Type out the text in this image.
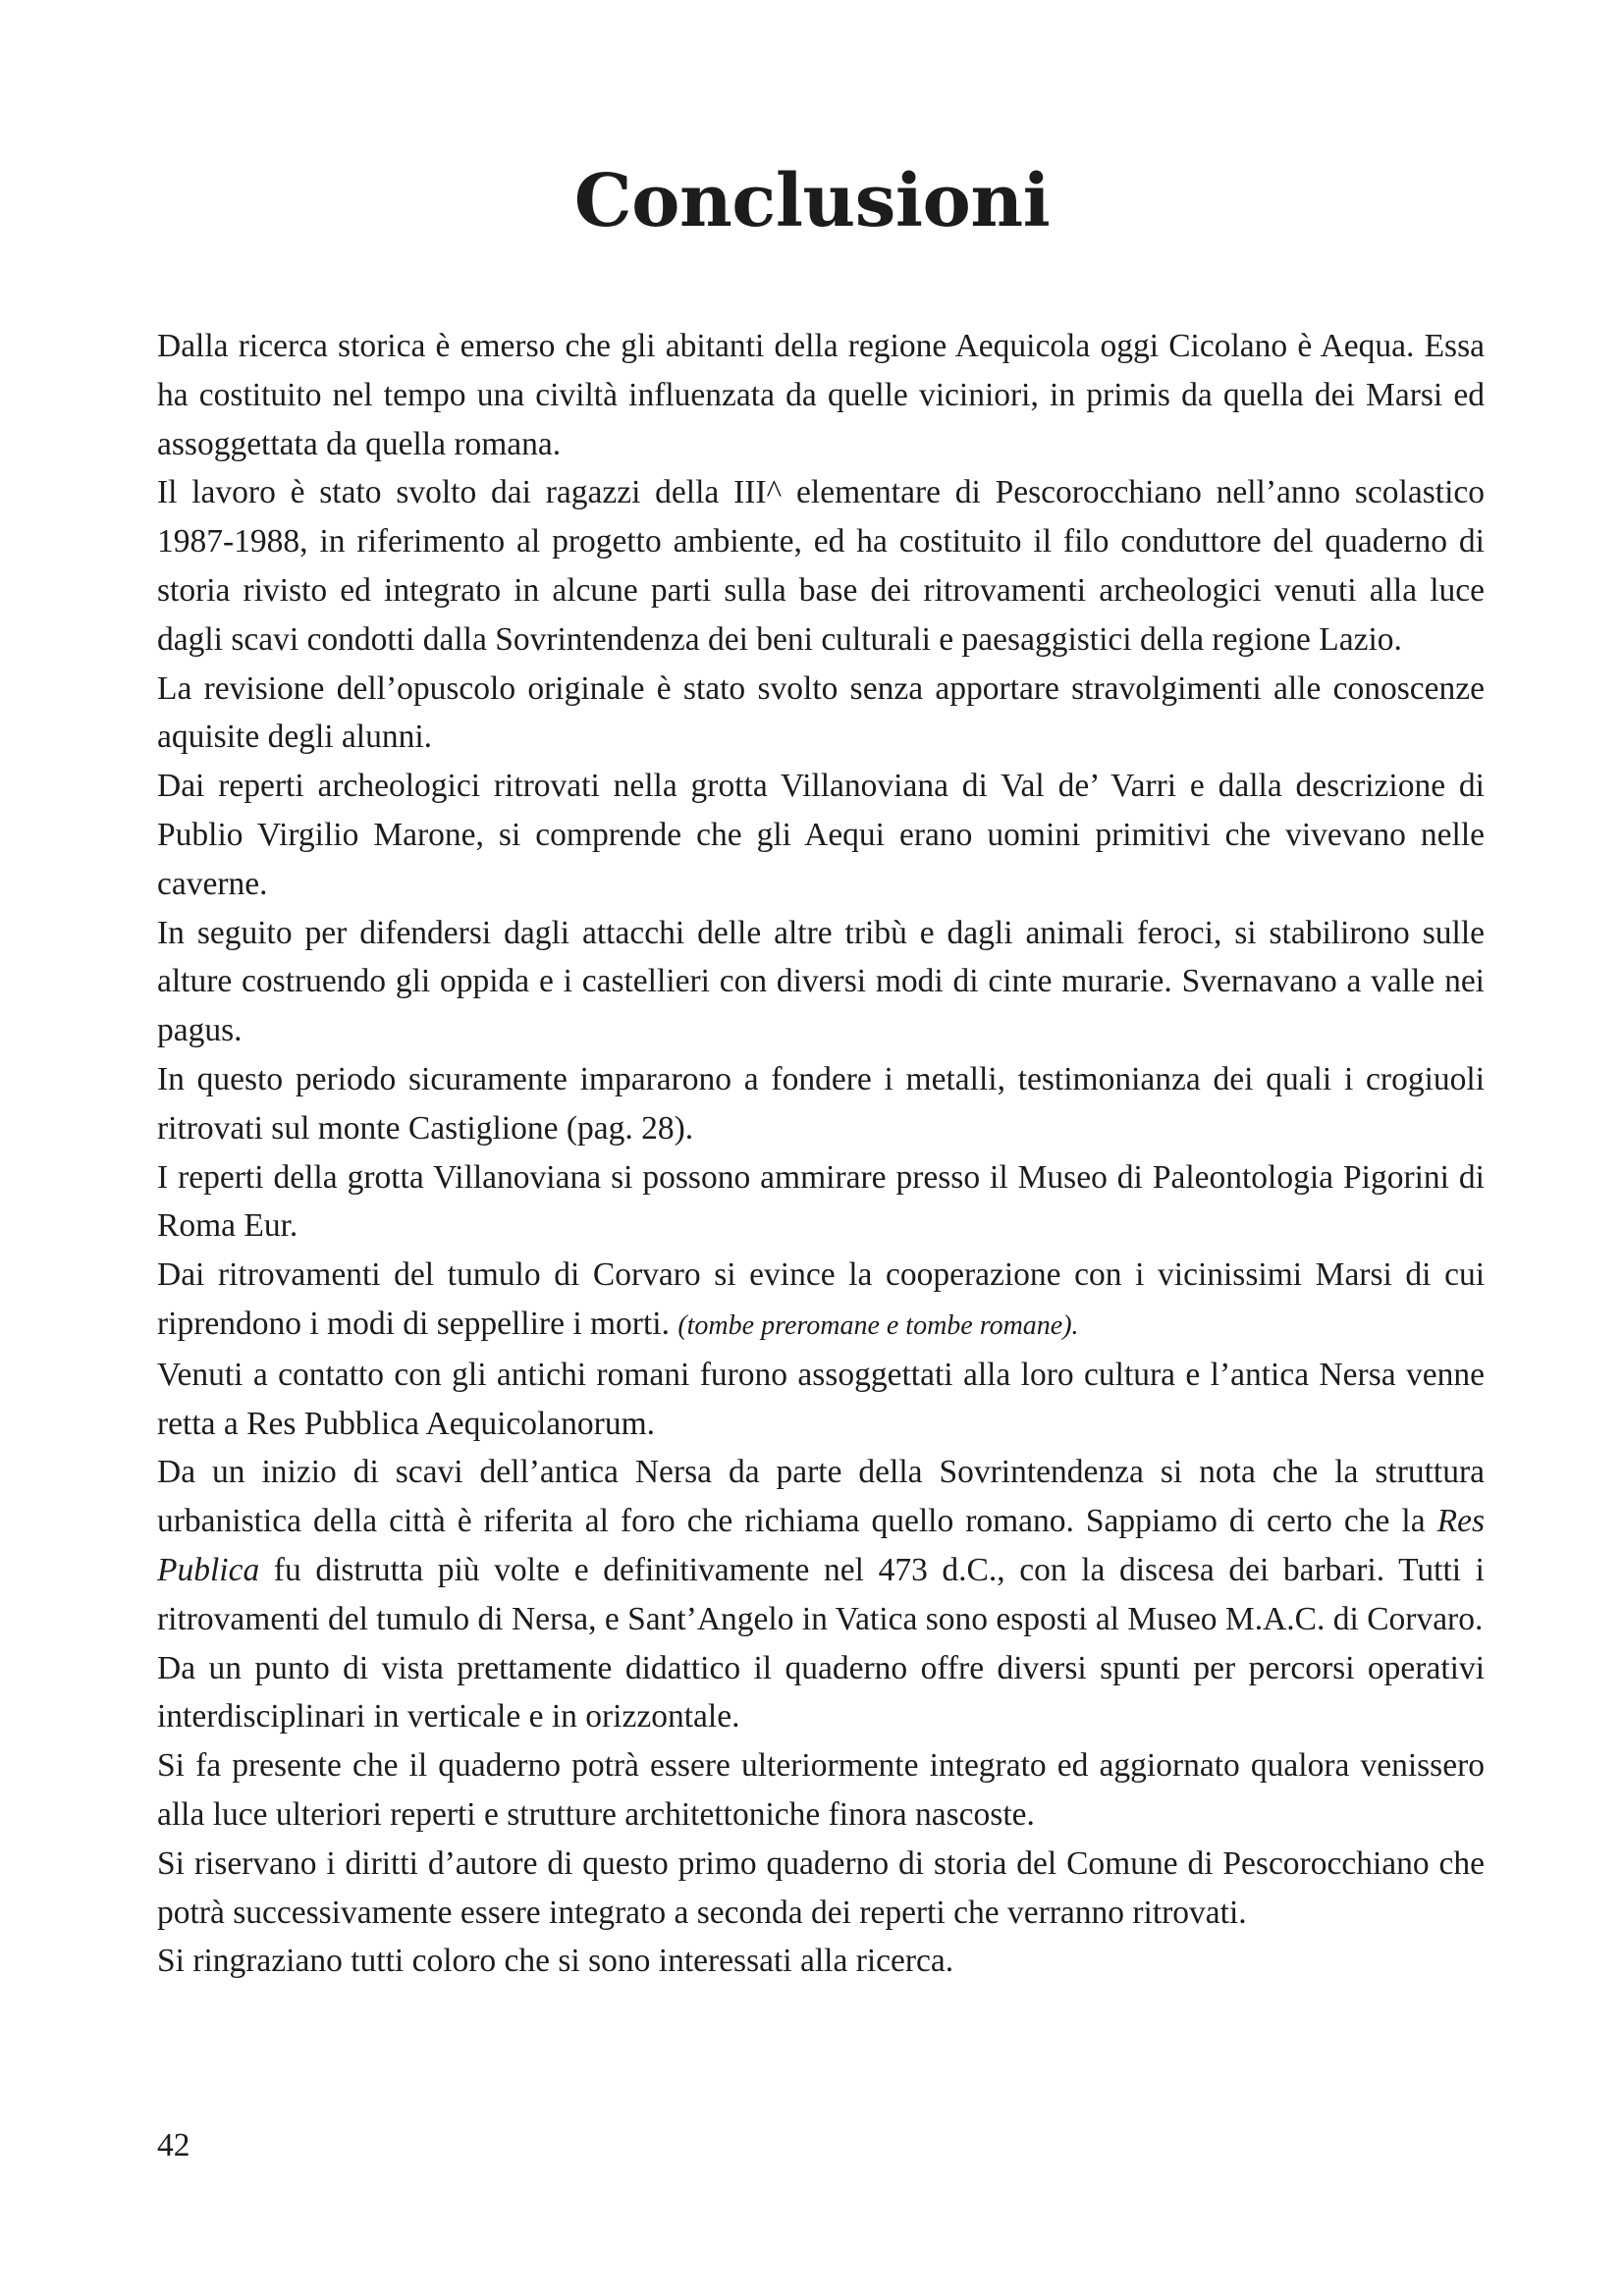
Conclusioni

Dalla ricerca storica è emerso che gli abitanti della regione Aequicola oggi Cicolano è Aequa. Essa ha costituito nel tempo una civiltà influenzata da quelle viciniori, in primis da quella dei Marsi ed assoggettata da quella romana.

Il lavoro è stato svolto dai ragazzi della III^ elementare di Pescorocchiano nell’anno scolastico 1987-1988, in riferimento al progetto ambiente, ed ha costituito il filo conduttore del quaderno di storia rivisto ed integrato in alcune parti sulla base dei ritrovamenti archeologici venuti alla luce dagli scavi condotti dalla Sovrintendenza dei beni culturali e paesaggistici della regione Lazio.

La revisione dell’opuscolo originale è stato svolto senza apportare stravolgimenti alle conoscenze aquisite degli alunni.

Dai reperti archeologici ritrovati nella grotta Villanoviana di Val de’ Varri e dalla descrizione di Publio Virgilio Marone, si comprende che gli Aequi erano uomini primitivi che vivevano nelle caverne.

In seguito per difendersi dagli attacchi delle altre tribù e dagli animali feroci, si stabilirono sulle alture costruendo gli oppida e i castellieri con diversi modi di cinte murarie. Svernavano a valle nei pagus.

In questo periodo sicuramente impararono a fondere i metalli, testimonianza dei quali i crogiuoli ritrovati sul monte Castiglione (pag. 28).

I reperti della grotta Villanoviana si possono ammirare presso il Museo di Paleontologia Pigorini di Roma Eur.

Dai ritrovamenti del tumulo di Corvaro si evince la cooperazione con i vicinissimi Marsi di cui riprendono i modi di seppellire i morti. (tombe preromane e tombe romane).

Venuti a contatto con gli antichi romani furono assoggettati alla loro cultura e l’antica Nersa venne retta a Res Pubblica Aequicolanorum.

Da un inizio di scavi dell’antica Nersa da parte della Sovrintendenza si nota che la struttura urbanistica della città è riferita al foro che richiama quello romano. Sappiamo di certo che la Res Publica fu distrutta più volte e definitivamente nel 473 d.C., con la discesa dei barbari. Tutti i ritrovamenti del tumulo di Nersa, e Sant’Angelo in Vatica sono esposti al Museo M.A.C. di Corvaro.

Da un punto di vista prettamente didattico il quaderno offre diversi spunti per percorsi operativi interdisciplinari in verticale e in orizzontale.

Si fa presente che il quaderno potrà essere ulteriormente integrato ed aggiornato qualora venissero alla luce ulteriori reperti e strutture architettoniche finora nascoste.

Si riservano i diritti d’autore di questo primo quaderno di storia del Comune di Pescorocchiano che potrà successivamente essere integrato a seconda dei reperti che verranno ritrovati.

Si ringraziano tutti coloro che si sono interessati alla ricerca.

42
